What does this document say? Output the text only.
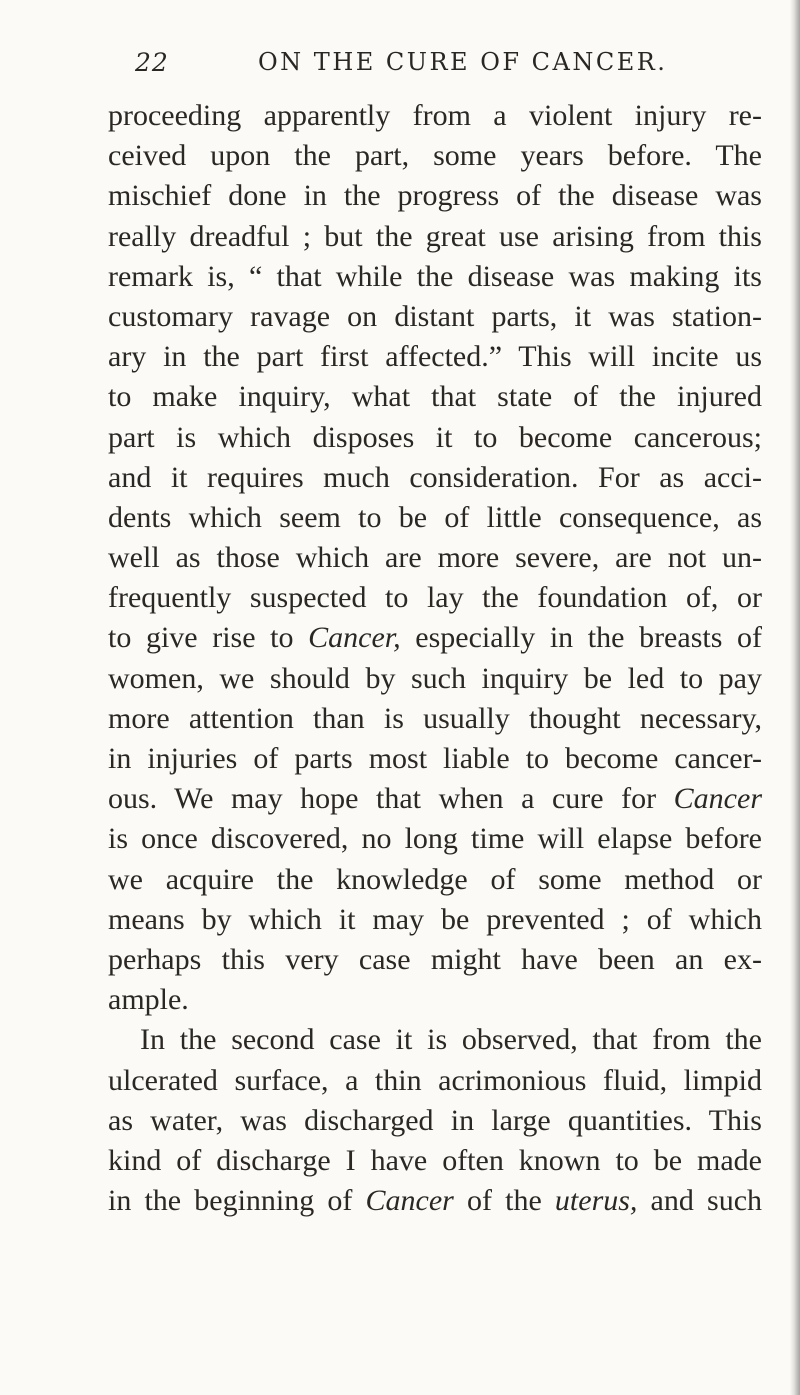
22	ON THE CURE OF CANCER.
proceeding apparently from a violent injury re-
ceived upon the part, some years before. The
mischief done in the progress of the disease was
really dreadful ; but the great use arising from this
remark is, “ that while the disease was making its
customary ravage on distant parts, it was station-
ary in the part first affected.” This will incite us
to make inquiry, what that state of the injured
part is which disposes it to become cancerous;
and it requires much consideration. For as acci-
dents which seem to be of little consequence, as
well as those which are more severe, are not un-
frequently suspected to lay the foundation of, or
to give rise to Cancer, especially in the breasts of
women, we should by such inquiry be led to pay
more attention than is usually thought necessary,
in injuries of parts most liable to become cancer-
ous. We may hope that when a cure for Cancer
is once discovered, no long time will elapse before
we acquire the knowledge of some method or
means by which it may be prevented ; of which
perhaps this very case might have been an ex-
ample.
In the second case it is observed, that from the
ulcerated surface, a thin acrimonious fluid, limpid
as water, was discharged in large quantities. This
kind of discharge I have often known to be made
in the beginning of Cancer of the uterus, and such
